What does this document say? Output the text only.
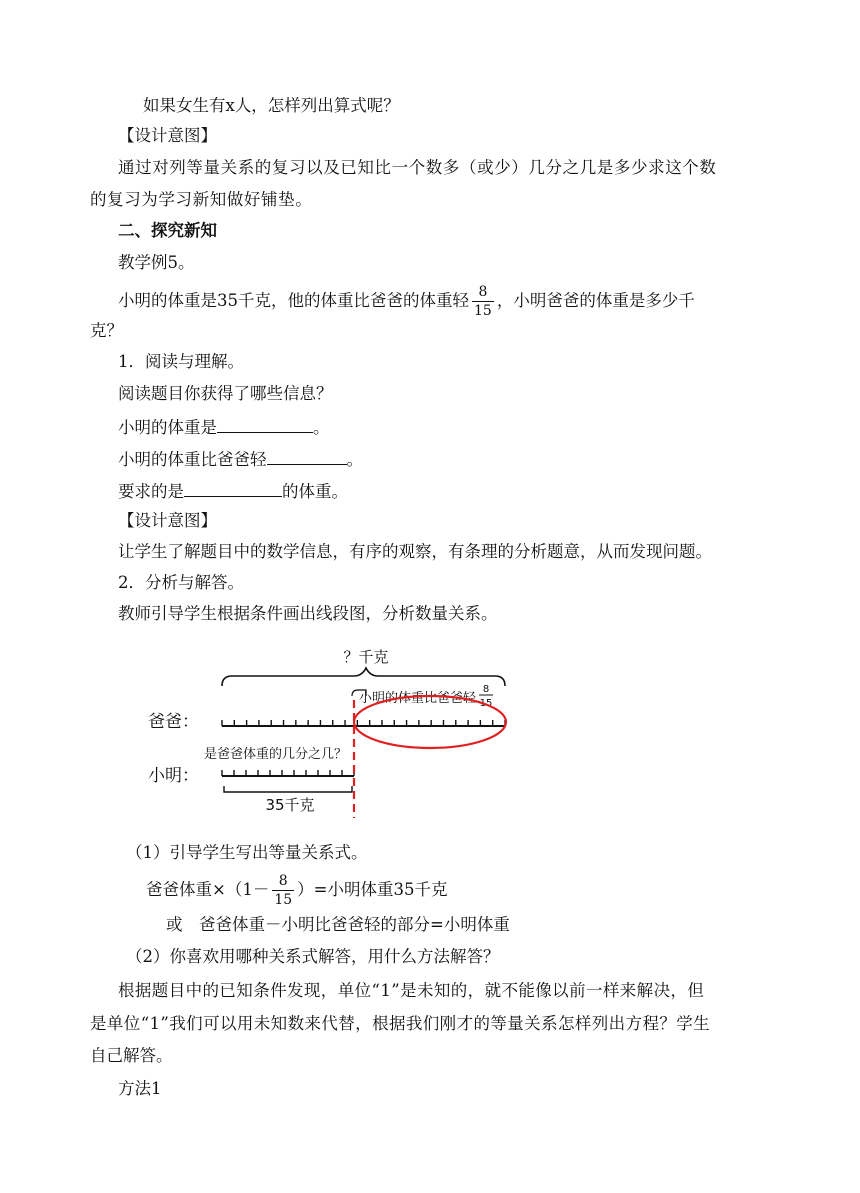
如果女生有x人，怎样列出算式呢？
【设计意图】
通过对列等量关系的复习以及已知比一个数多（或少）几分之几是多少求这个数
的复习为学习新知做好铺垫。
二、探究新知
教学例5。
小明的体重是35千克，他的体重比爸爸的体重轻 $\frac{8}{15}$ ，小明爸爸的体重是多少千
克？
1．阅读与理解。
阅读题目你获得了哪些信息？
小明的体重是	。
小明的体重比爸爸轻	。
要求的是	的体重。
【设计意图】
让学生了解题目中的数学信息，有序的观察，有条理的分析题意，从而发现问题。
2．分析与解答。
教师引导学生根据条件画出线段图，分析数量关系。
？千克
小明的体重比爸爸轻
8
15
爸爸：
小明：
是爸爸体重的几分之几？
35千克
（1）引导学生写出等量关系式。
爸爸体重$\times(1- \frac{8}{15}$ ）=小明体重35千克
或　爸爸体重－小明比爸爸轻的部分=小明体重
（2）你喜欢用哪种关系式解答，用什么方法解答？
根据题目中的已知条件发现，单位“1”是未知的，就不能像以前一样来解决，但
是单位“1”我们可以用未知数来代替，根据我们刚才的等量关系怎样列出方程？学生
自己解答。
方法1
